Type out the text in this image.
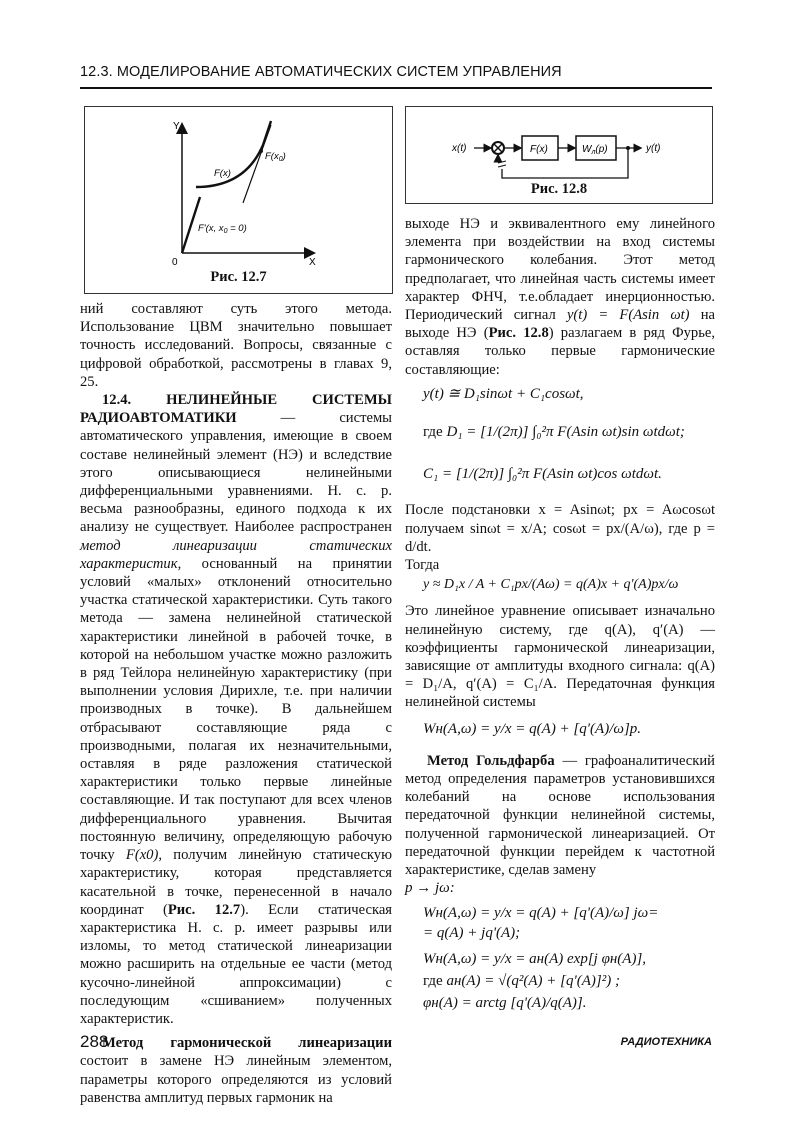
12.3. МОДЕЛИРОВАНИЕ АВТОМАТИЧЕСКИХ СИСТЕМ УПРАВЛЕНИЯ
Y
X
0
F(x)
$F(x_0)$
F'(x, $x_0 = 0$)
Рис. 12.7
x(t)	F(x)	$W_л(p)$	y(t)
Рис. 12.8

ний составляют суть этого метода. Использование ЦВМ значительно повышает точность исследований. Вопросы, связанные с цифровой обработкой, рассмотрены в главах 9, 25.

12.4. НЕЛИНЕЙНЫЕ СИСТЕМЫ РАДИОАВТОМАТИКИ — системы автоматического управления, имеющие в своем составе нелинейный элемент (НЭ) и вследствие этого описывающиеся нелинейными дифференциальными уравнениями. Н. с. р. весьма разнообразны, единого подхода к их анализу не существует. Наиболее распространен метод линеаризации статических характеристик, основанный на принятии условий «малых» отклонений относительно участка статической характеристики. Суть такого метода — замена нелинейной статической характеристики линейной в рабочей точке, в которой на небольшом участке можно разложить в ряд Тейлора нелинейную характеристику (при выполнении условия Дирихле, т.е. при наличии производных в точке). В дальнейшем отбрасывают составляющие ряда с производными, полагая их незначительными, оставляя в ряде разложения статической характеристики только первые линейные составляющие. И так поступают для всех членов дифференциального уравнения. Вычитая постоянную величину, определяющую рабочую точку F(x0), получим линейную статическую характеристику, которая представляется касательной в точке, перенесенной в начало координат (Рис. 12.7). Если статическая характеристика Н. с. р. имеет разрывы или изломы, то метод статической линеаризации можно расширить на отдельные ее части (метод кусочно-линейной аппроксимации) с последующим «сшиванием» полученных характеристик.

Метод гармонической линеаризации состоит в замене НЭ линейным элементом, параметры которого определяются из условий равенства амплитуд первых гармоник на

выходе НЭ и эквивалентного ему линейного элемента при воздействии на вход системы гармонического колебания. Этот метод предполагает, что линейная часть системы имеет характер ФНЧ, т.е.обладает инерционностью. Периодический сигнал y(t) = F(Asin ωt) на выходе НЭ (Рис. 12.8) разлагаем в ряд Фурье, оставляя только первые гармонические составляющие:

y(t) ≅ D₁sinωt + C₁cosωt,
где D₁ = [1/(2π)] ∫₀²π F(Asin ωt)sin ωtdωt;
C₁ = [1/(2π)] ∫₀²π F(Asin ωt)cos ωtdωt.

После подстановки x = Asinωt; px = Aωcosωt получаем sinωt = x/A; cosωt = px/(A/ω), где p = d/dt.

Тогда

y ≈ D₁x / A + C₁px/(Aω) = q(A)x + q'(A)px/ω

Это линейное уравнение описывает изначально нелинейную систему, где q(A), q′(A) — коэффициенты гармонической линеаризации, зависящие от амплитуды входного сигнала: q(A) = D₁/A, q′(A) = C₁/A. Передаточная функция нелинейной системы

Wн(A,ω) = y/x = q(A) + [q′(A)/ω]p.

Метод Гольдфарба — графоаналитический метод определения параметров установившихся колебаний на основе использования передаточной функции нелинейной системы, полученной гармонической линеаризацией. От передаточной функции перейдем к частотной характеристике, сделав замену

p → jω:
Wн(A,ω) = y/x = q(A) + [q'(A)/ω] jω=
= q(A) + jq'(A);
Wн(A,ω) = y/x = aн(A) exp[j φн(A)],
где aн(A) = √(q²(A) + [q'(A)]²) ;
φн(A) = arctg [q'(A)/q(A)].
288	РАДИОТЕХНИКА
